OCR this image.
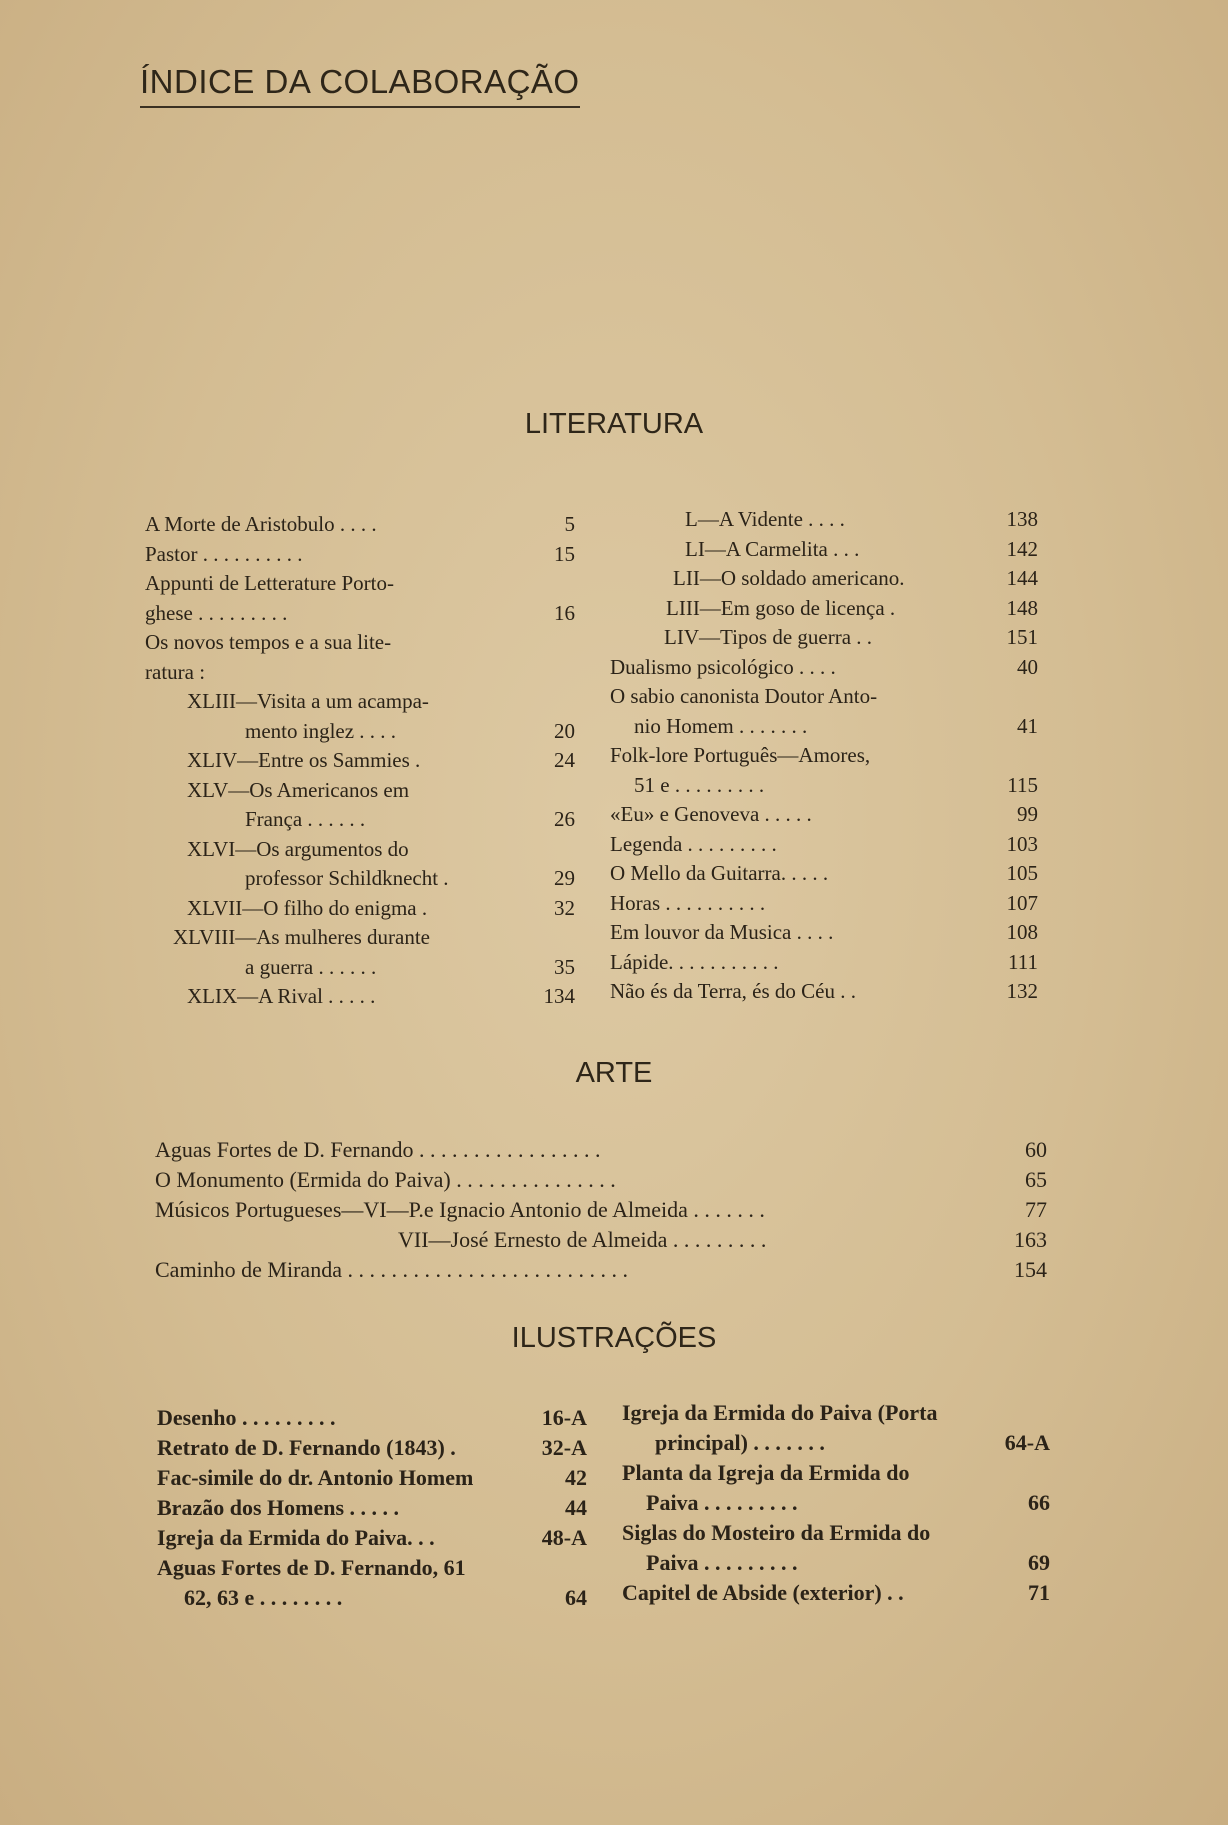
ÍNDICE DA COLABORAÇÃO
LITERATURA
A Morte de Aristobulo . . . .	5
Pastor . . . . . . . . . .	15
Appunti de Letterature Porto-
ghese . . . . . . . . .	16
Os novos tempos e a sua lite-
ratura :
XLIII—Visita a um acampa-
mento inglez . . . .	20
XLIV—Entre os Sammies .	24
XLV—Os Americanos em
França . . . . . .	26
XLVI—Os argumentos do
professor Schildknecht .	29
XLVII—O filho do enigma .	32
XLVIII—As mulheres durante
a guerra . . . . . .	35
XLIX—A Rival . . . . .	134
L—A Vidente . . . .	138
LI—A Carmelita . . .	142
LII—O soldado americano.	144
LIII—Em goso de licença .	148
LIV—Tipos de guerra . .	151
Dualismo psicológico . . . .	40
O sabio canonista Doutor Anto-
nio Homem . . . . . . .	41
Folk-lore Português—Amores,
51 e . . . . . . . . .	115
«Eu» e Genoveva . . . . .	99
Legenda . . . . . . . . .	103
O Mello da Guitarra. . . . .	105
Horas . . . . . . . . . .	107
Em louvor da Musica . . . .	108
Lápide. . . . . . . . . . .	111
Não és da Terra, és do Céu . .	132
ARTE
Aguas Fortes de D. Fernando . . . . . . . . . . . . . . . . .	60
O Monumento (Ermida do Paiva) . . . . . . . . . . . . . . .	65
Músicos Portugueses—VI—P.e Ignacio Antonio de Almeida . . . . . . .	77
VII—José Ernesto de Almeida . . . . . . . . .	163
Caminho de Miranda . . . . . . . . . . . . . . . . . . . . . . . . . .	154
ILUSTRAÇÕES
Desenho . . . . . . . . .	16-A
Retrato de D. Fernando (1843) .	32-A
Fac-simile do dr. Antonio Homem	42
Brazão dos Homens . . . . .	44
Igreja da Ermida do Paiva. . .	48-A
Aguas Fortes de D. Fernando, 61
62, 63 e . . . . . . . .	64
Igreja da Ermida do Paiva (Porta
principal) . . . . . . .	64-A
Planta da Igreja da Ermida do
Paiva . . . . . . . . .	66
Siglas do Mosteiro da Ermida do
Paiva . . . . . . . . .	69
Capitel de Abside (exterior) . .	71
